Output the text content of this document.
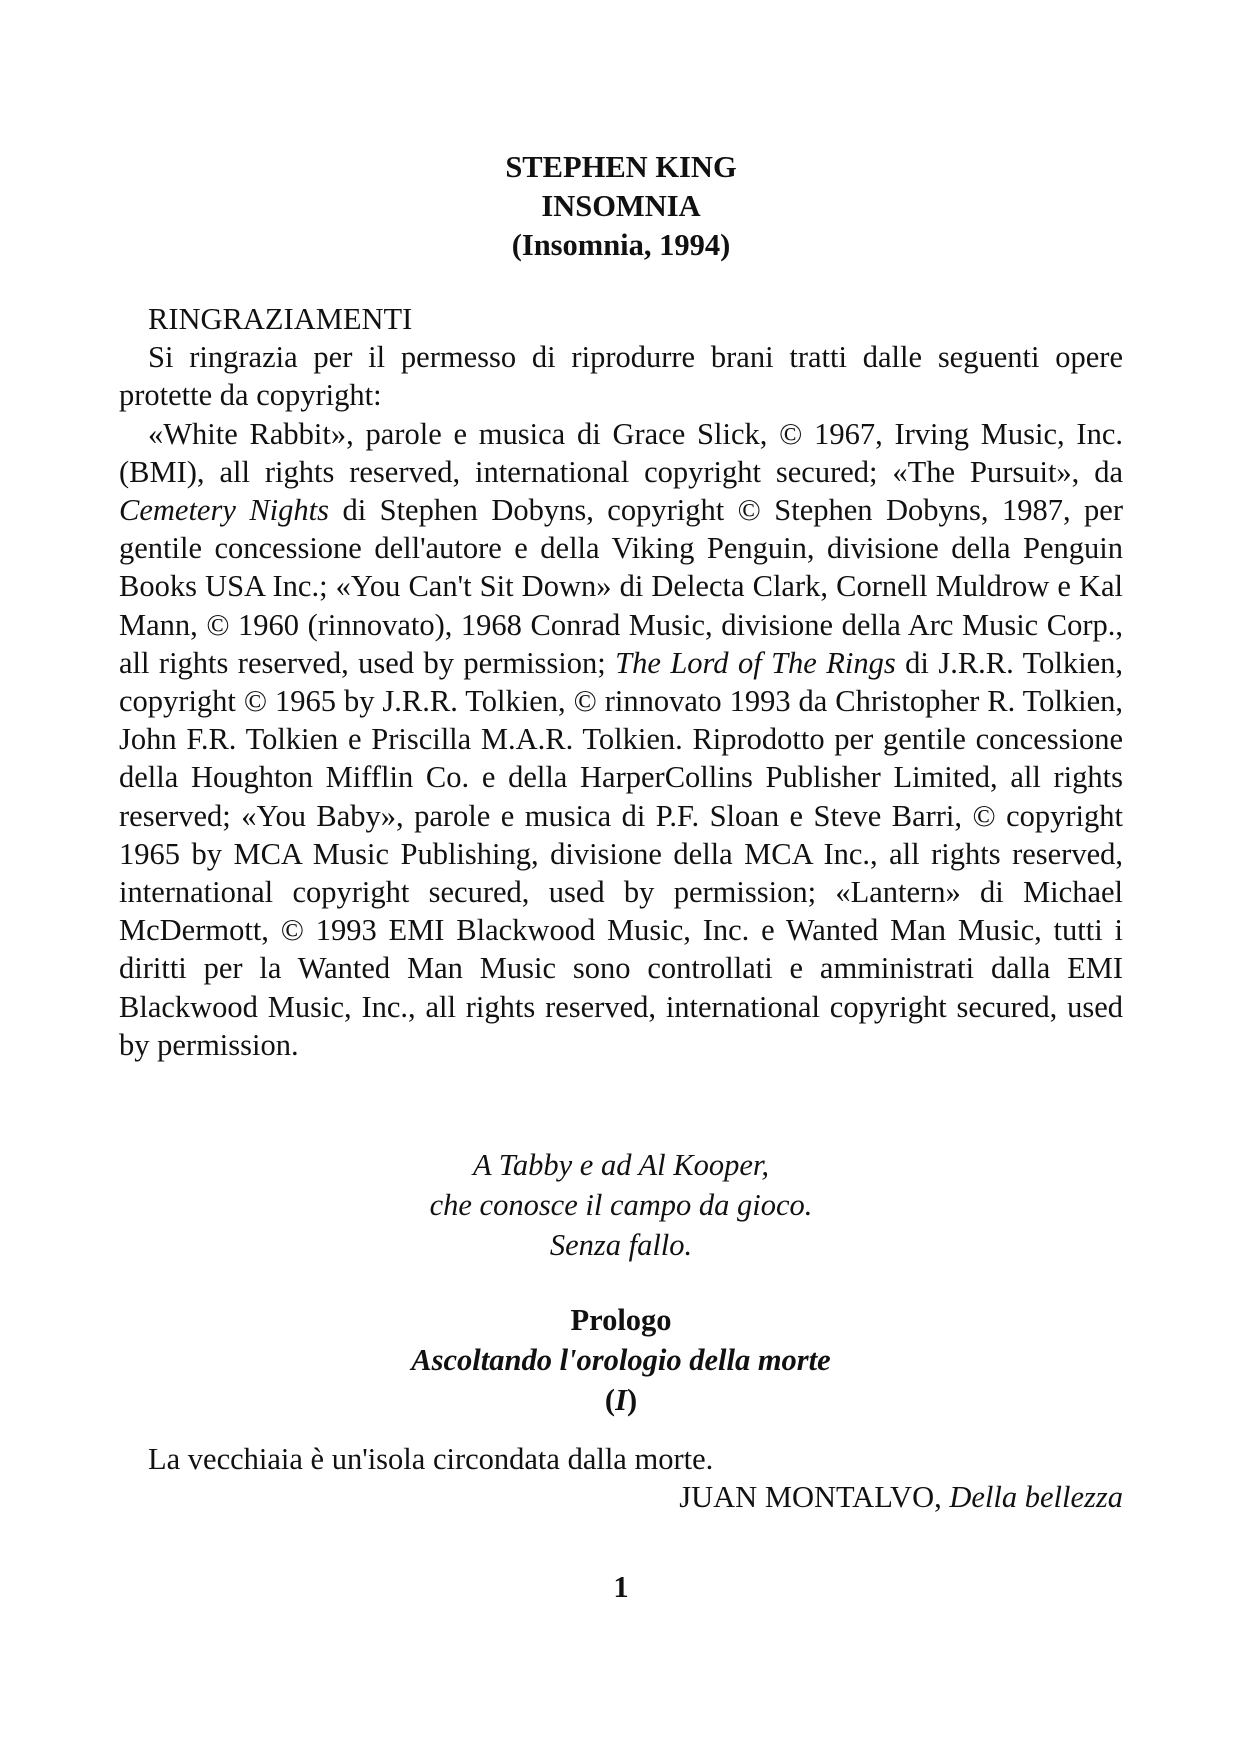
STEPHEN KING
INSOMNIA
(Insomnia, 1994)

RINGRAZIAMENTI

Si ringrazia per il permesso di riprodurre brani tratti dalle seguenti opere protette da copyright:

«White Rabbit», parole e musica di Grace Slick, © 1967, Irving Music, Inc. (BMI), all rights reserved, international copyright secured; «The Pursuit», da Cemetery Nights di Stephen Dobyns, copyright © Stephen Dobyns, 1987, per gentile concessione dell'autore e della Viking Penguin, divisione della Penguin Books USA Inc.; «You Can't Sit Down» di Delecta Clark, Cornell Muldrow e Kal Mann, © 1960 (rinnovato), 1968 Conrad Music, divisione della Arc Music Corp., all rights reserved, used by permission; The Lord of The Rings di J.R.R. Tolkien, copyright © 1965 by J.R.R. Tolkien, © rinnovato 1993 da Christopher R. Tolkien, John F.R. Tolkien e Priscilla M.A.R. Tolkien. Riprodotto per gentile concessione della Houghton Mifflin Co. e della HarperCollins Publisher Limited, all rights reserved; «You Baby», parole e musica di P.F. Sloan e Steve Barri, © copyright 1965 by MCA Music Publishing, divisione della MCA Inc., all rights reserved, international copyright secured, used by permission; «Lantern» di Michael McDermott, © 1993 EMI Blackwood Music, Inc. e Wanted Man Music, tutti i diritti per la Wanted Man Music sono controllati e amministrati dalla EMI Blackwood Music, Inc., all rights reserved, international copyright secured, used by permission.

A Tabby e ad Al Kooper,
che conosce il campo da gioco.
Senza fallo.
Prologo
Ascoltando l'orologio della morte
(I)
La vecchiaia è un'isola circondata dalla morte.
JUAN MONTALVO, Della bellezza
1
